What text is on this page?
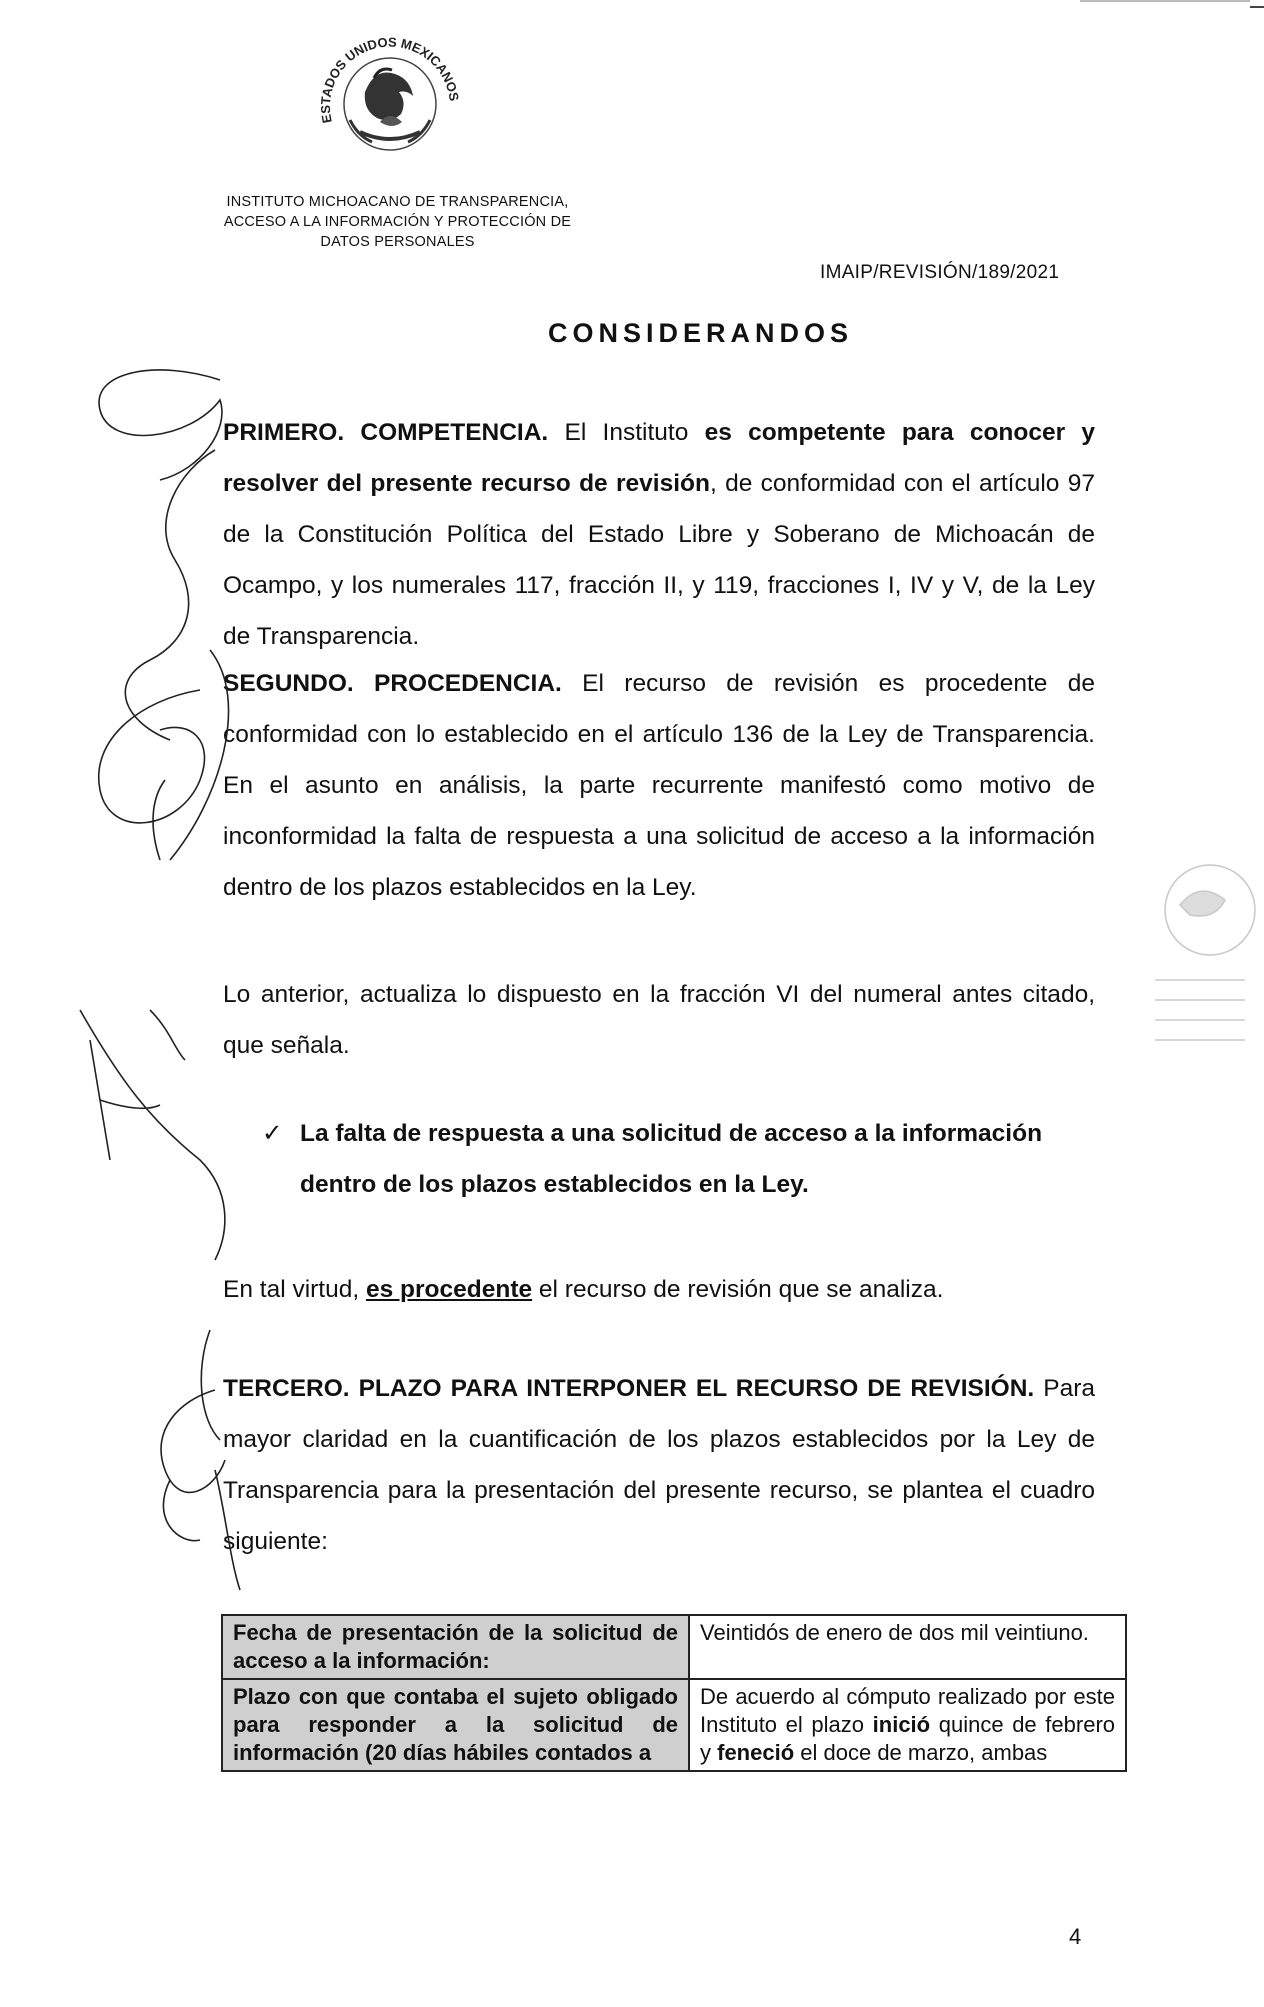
ESTADOS UNIDOS MEXICANOS
INSTITUTO MICHOACANO DE TRANSPARENCIA,
ACCESO A LA INFORMACIÓN Y PROTECCIÓN DE
DATOS PERSONALES
IMAIP/REVISIÓN/189/2021
CONSIDERANDOS

PRIMERO. COMPETENCIA. El Instituto es competente para conocer y resolver del presente recurso de revisión, de conformidad con el artículo 97 de la Constitución Política del Estado Libre y Soberano de Michoacán de Ocampo, y los numerales 117, fracción II, y 119, fracciones I, IV y V, de la Ley de Transparencia.

SEGUNDO. PROCEDENCIA. El recurso de revisión es procedente de conformidad con lo establecido en el artículo 136 de la Ley de Transparencia. En el asunto en análisis, la parte recurrente manifestó como motivo de inconformidad la falta de respuesta a una solicitud de acceso a la información dentro de los plazos establecidos en la Ley.

Lo anterior, actualiza lo dispuesto en la fracción VI del numeral antes citado, que señala.

✓ La falta de respuesta a una solicitud de acceso a la información dentro de los plazos establecidos en la Ley.

En tal virtud, es procedente el recurso de revisión que se analiza.

TERCERO. PLAZO PARA INTERPONER EL RECURSO DE REVISIÓN. Para mayor claridad en la cuantificación de los plazos establecidos por la Ley de Transparencia para la presentación del presente recurso, se plantea el cuadro siguiente:

Fecha de presentación de la solicitud de acceso a la información:	Veintidós de enero de dos mil veintiuno.
Plazo con que contaba el sujeto obligado para responder a la solicitud de información (20 días hábiles contados a	De acuerdo al cómputo realizado por este Instituto el plazo inició quince de febrero y feneció el doce de marzo, ambas
4
